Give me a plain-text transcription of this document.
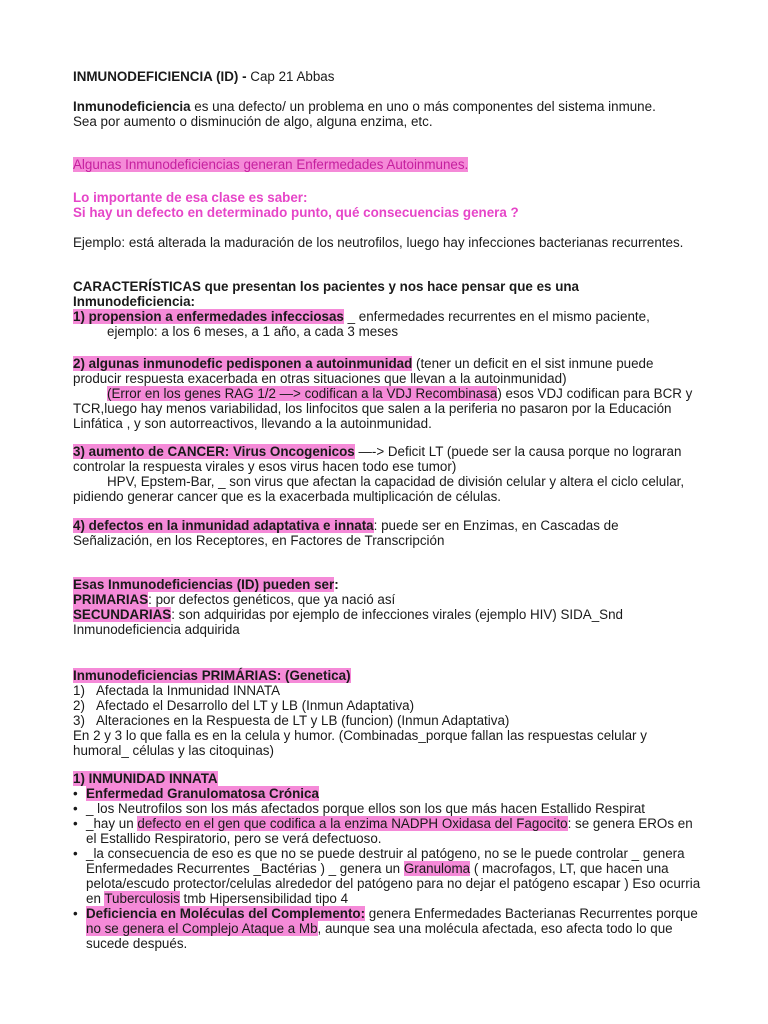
INMUNODEFICIENCIA (ID) - Cap 21 Abbas
Inmunodeficiencia es una defecto/ un problema en uno o más componentes del sistema inmune.
Sea por aumento o disminución de algo, alguna enzima, etc.
Algunas Inmunodeficiencias generan Enfermedades Autoinmunes.
Lo importante de esa clase es saber:
Si hay un defecto en determinado punto, qué consecuencias genera ?
Ejemplo: está alterada la maduración de los neutrofilos, luego hay infecciones bacterianas recurrentes.
CARACTERÍSTICAS que presentan los pacientes y nos hace pensar que es una Inmunodeficiencia:
1) propension a enfermedades infecciosas _ enfermedades recurrentes en el mismo paciente,
ejemplo: a los 6 meses, a 1 año, a cada 3 meses
2) algunas inmunodefic pedisponen a autoinmunidad (tener un deficit en el sist inmune puede producir respuesta exacerbada en otras situaciones que llevan a la autoinmunidad)
(Error en los genes RAG 1/2 —> codifican a la VDJ Recombinasa) esos VDJ codifican para BCR y TCR,luego hay menos variabilidad, los linfocitos que salen a la periferia no pasaron por la Educación Linfática , y son autorreactivos, llevando a la autoinmunidad.
3) aumento de CANCER: Virus Oncogenicos —-> Deficit LT (puede ser la causa porque no lograran controlar la respuesta virales y esos virus hacen todo ese tumor)
HPV, Epstem-Bar, _ son virus que afectan la capacidad de división celular y altera el ciclo celular, pidiendo generar cancer que es la exacerbada multiplicación de células.
4) defectos en la inmunidad adaptativa e innata: puede ser en Enzimas, en Cascadas de Señalización, en los Receptores, en Factores de Transcripción
Esas Inmunodeficiencias (ID) pueden ser:
PRIMARIAS: por defectos genéticos, que ya nació así
SECUNDARIAS: son adquiridas por ejemplo de infecciones virales (ejemplo HIV) SIDA_Snd Inmunodeficiencia adquirida
Inmunodeficiencias PRIMÁRIAS: (Genetica)
1) Afectada la Inmunidad INNATA
2) Afectado el Desarrollo del LT y LB (Inmun Adaptativa)
3) Alteraciones en la Respuesta de LT y LB (funcion) (Inmun Adaptativa)
En 2 y 3 lo que falla es en la celula y humor. (Combinadas_porque fallan las respuestas celular y humoral_ células y las citoquinas)
1) INMUNIDAD INNATA
• Enfermedad Granulomatosa Crónica
• _ los Neutrofilos son los más afectados porque ellos son los que más hacen Estallido Respirat
• _hay un defecto en el gen que codifica a la enzima NADPH Oxidasa del Fagocito: se genera EROs en el Estallido Respiratorio, pero se verá defectuoso.
• _la consecuencia de eso es que no se puede destruir al patógeno, no se le puede controlar _ genera Enfermedades Recurrentes _Bactérias ) _ genera un Granuloma ( macrofagos, LT, que hacen una pelota/escudo protector/celulas alrededor del patógeno para no dejar el patógeno escapar ) Eso ocurria en Tuberculosis tmb Hipersensibilidad tipo 4
• Deficiencia en Moléculas del Complemento: genera Enfermedades Bacterianas Recurrentes porque no se genera el Complejo Ataque a Mb, aunque sea una molécula afectada, eso afecta todo lo que sucede después.
